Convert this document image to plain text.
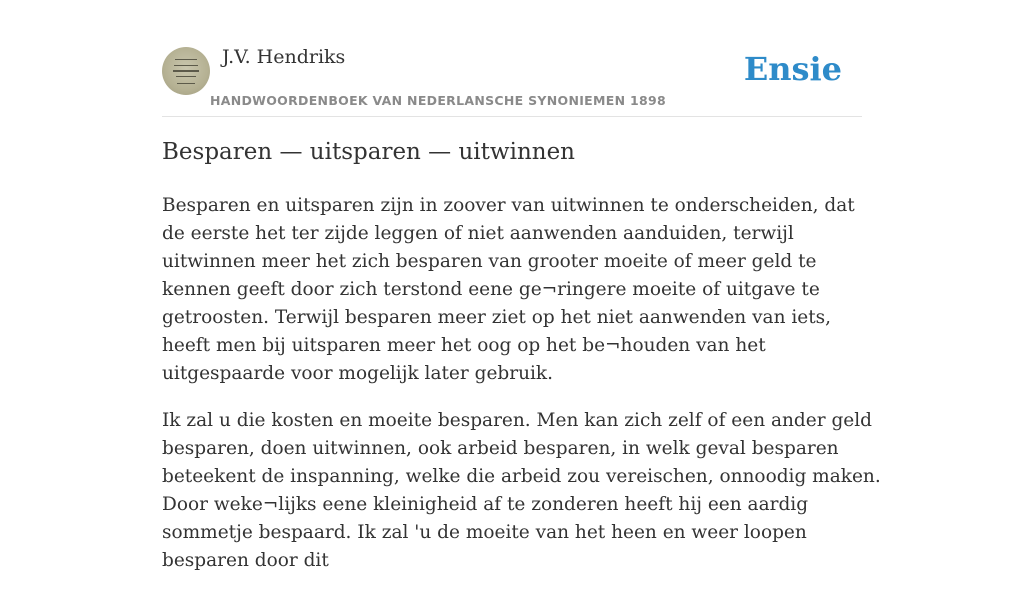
J.V. Hendriks
HANDWOORDENBOEK VAN NEDERLANSCHE SYNONIEMEN 1898
Ensie
Besparen — uitsparen — uitwinnen

Besparen en uitsparen zijn in zoover van uitwinnen te onderscheiden, dat de eerste het ter zijde leggen of niet aanwenden aanduiden, terwijl uitwinnen meer het zich besparen van grooter moeite of meer geld te kennen geeft door zich terstond eene ge¬ringere moeite of uitgave te getroosten. Terwijl besparen meer ziet op het niet aanwenden van iets, heeft men bij uitsparen meer het oog op het be¬houden van het uitgespaarde voor mogelijk later gebruik.

Ik zal u die kosten en moeite besparen. Men kan zich zelf of een ander geld besparen, doen uitwinnen, ook arbeid besparen, in welk geval besparen beteekent de inspanning, welke die arbeid zou vereischen, onnoodig maken. Door weke¬lijks eene kleinigheid af te zonderen heeft hij een aardig sommetje bespaard. Ik zal 'u de moeite van het heen en weer loopen besparen door dit
